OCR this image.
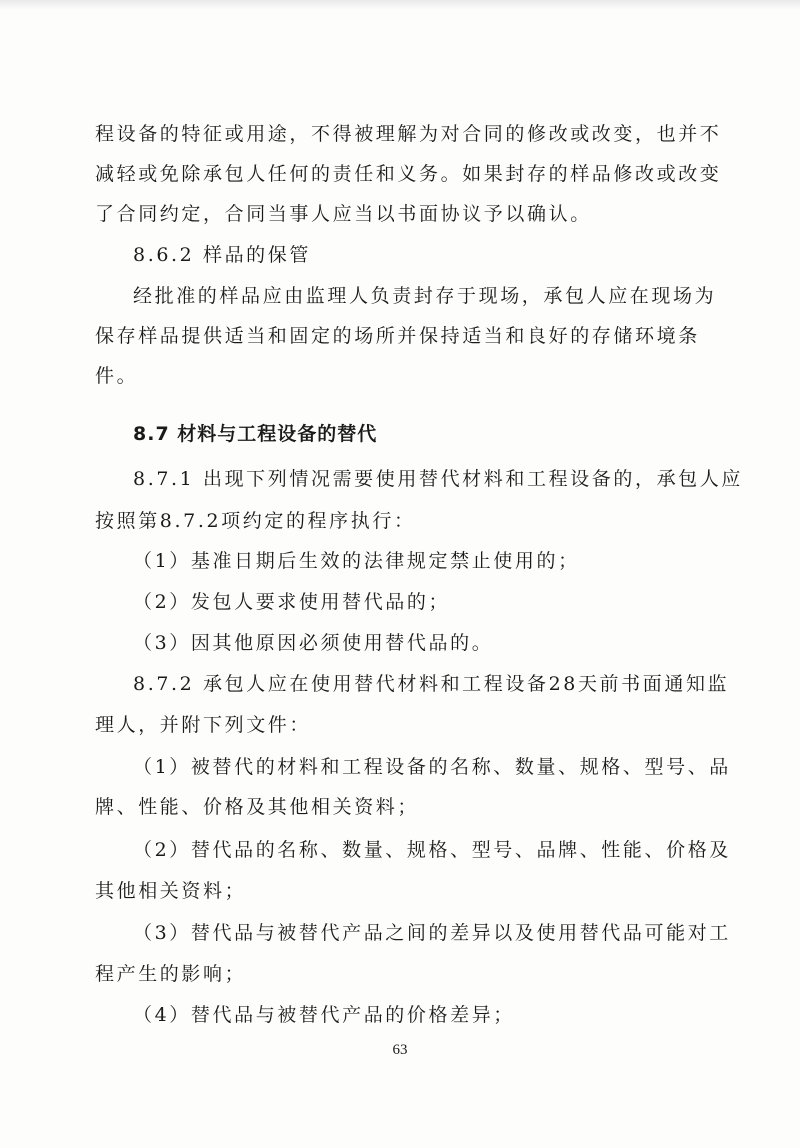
程设备的特征或用途，不得被理解为对合同的修改或改变，也并不
减轻或免除承包人任何的责任和义务。如果封存的样品修改或改变
了合同约定，合同当事人应当以书面协议予以确认。
8.6.2 样品的保管
经批准的样品应由监理人负责封存于现场，承包人应在现场为
保存样品提供适当和固定的场所并保持适当和良好的存储环境条
件。
8.7 材料与工程设备的替代
8.7.1 出现下列情况需要使用替代材料和工程设备的，承包人应
按照第8.7.2项约定的程序执行：
（1）基准日期后生效的法律规定禁止使用的；
（2）发包人要求使用替代品的；
（3）因其他原因必须使用替代品的。
8.7.2 承包人应在使用替代材料和工程设备28天前书面通知监
理人，并附下列文件：
（1）被替代的材料和工程设备的名称、数量、规格、型号、品
牌、性能、价格及其他相关资料；
（2）替代品的名称、数量、规格、型号、品牌、性能、价格及
其他相关资料；
（3）替代品与被替代产品之间的差异以及使用替代品可能对工
程产生的影响；
（4）替代品与被替代产品的价格差异；
63
